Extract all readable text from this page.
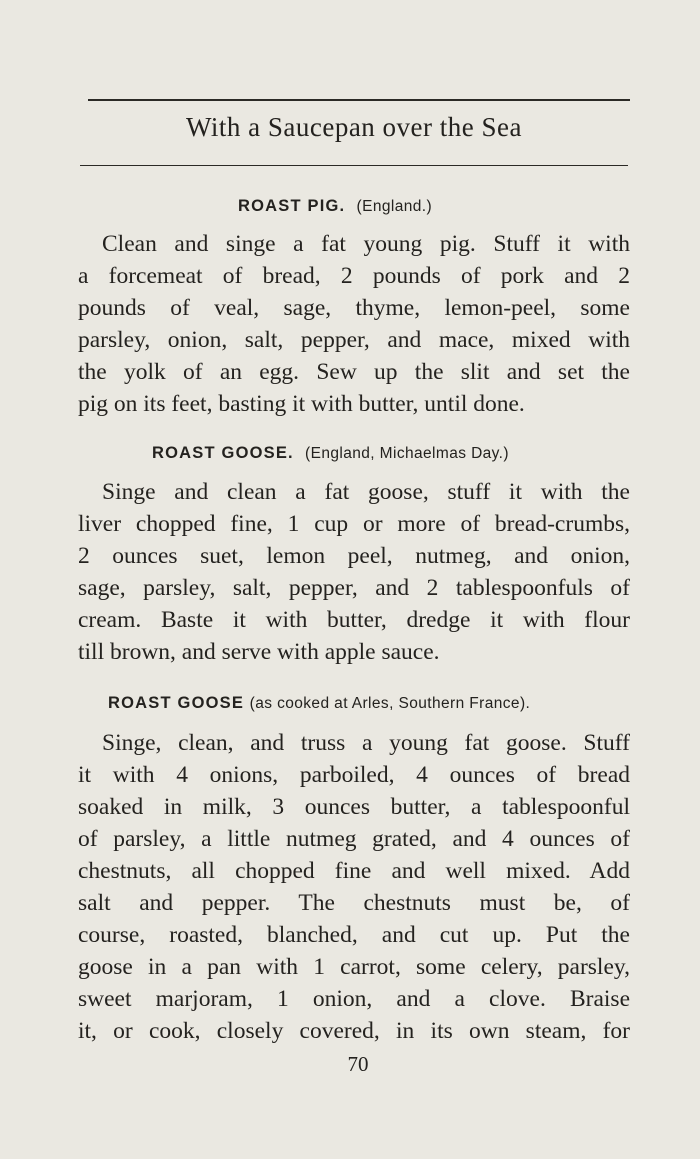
With a Saucepan over the Sea
ROAST PIG. (England.)
Clean and singe a fat young pig. Stuff it with
a forcemeat of bread, 2 pounds of pork and 2
pounds of veal, sage, thyme, lemon-peel, some
parsley, onion, salt, pepper, and mace, mixed with
the yolk of an egg. Sew up the slit and set the
pig on its feet, basting it with butter, until done.
ROAST GOOSE. (England, Michaelmas Day.)
Singe and clean a fat goose, stuff it with the
liver chopped fine, 1 cup or more of bread-crumbs,
2 ounces suet, lemon peel, nutmeg, and onion,
sage, parsley, salt, pepper, and 2 tablespoonfuls of
cream. Baste it with butter, dredge it with flour
till brown, and serve with apple sauce.
ROAST GOOSE (as cooked at Arles, Southern France).
Singe, clean, and truss a young fat goose. Stuff
it with 4 onions, parboiled, 4 ounces of bread
soaked in milk, 3 ounces butter, a tablespoonful
of parsley, a little nutmeg grated, and 4 ounces of
chestnuts, all chopped fine and well mixed. Add
salt and pepper. The chestnuts must be, of
course, roasted, blanched, and cut up. Put the
goose in a pan with 1 carrot, some celery, parsley,
sweet marjoram, 1 onion, and a clove. Braise
it, or cook, closely covered, in its own steam, for
70
